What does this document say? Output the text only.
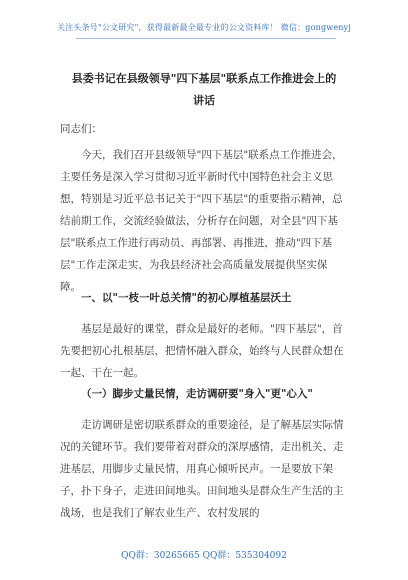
关注头条号"公文研究"，获得最新最全最专业的公文资料库！ 微信：gongwenyj
县委书记在县级领导"四下基层"联系点工作推进会上的
讲话
同志们：
今天，我们召开县级领导"四下基层"联系点工作推进会，主要任务是深入学习贯彻习近平新时代中国特色社会主义思想，特别是习近平总书记关于"四下基层"的重要指示精神，总结前期工作，交流经验做法，分析存在问题，对全县"四下基层"联系点工作进行再动员、再部署、再推进，推动"四下基层"工作走深走实，为我县经济社会高质量发展提供坚实保障。
一、以"一枝一叶总关情"的初心厚植基层沃土
基层是最好的课堂，群众是最好的老师。"四下基层"，首先要把初心扎根基层，把情怀融入群众，始终与人民群众想在一起、干在一起。
（一）脚步丈量民情，走访调研要"身入"更"心入"
走访调研是密切联系群众的重要途径，是了解基层实际情况的关键环节。我们要带着对群众的深厚感情，走出机关、走进基层，用脚步丈量民情，用真心倾听民声。一是要放下架子，扑下身子，走进田间地头。田间地头是群众生产生活的主战场，也是我们了解农业生产、农村发展的
QQ群：30265665 QQ群：535304092
